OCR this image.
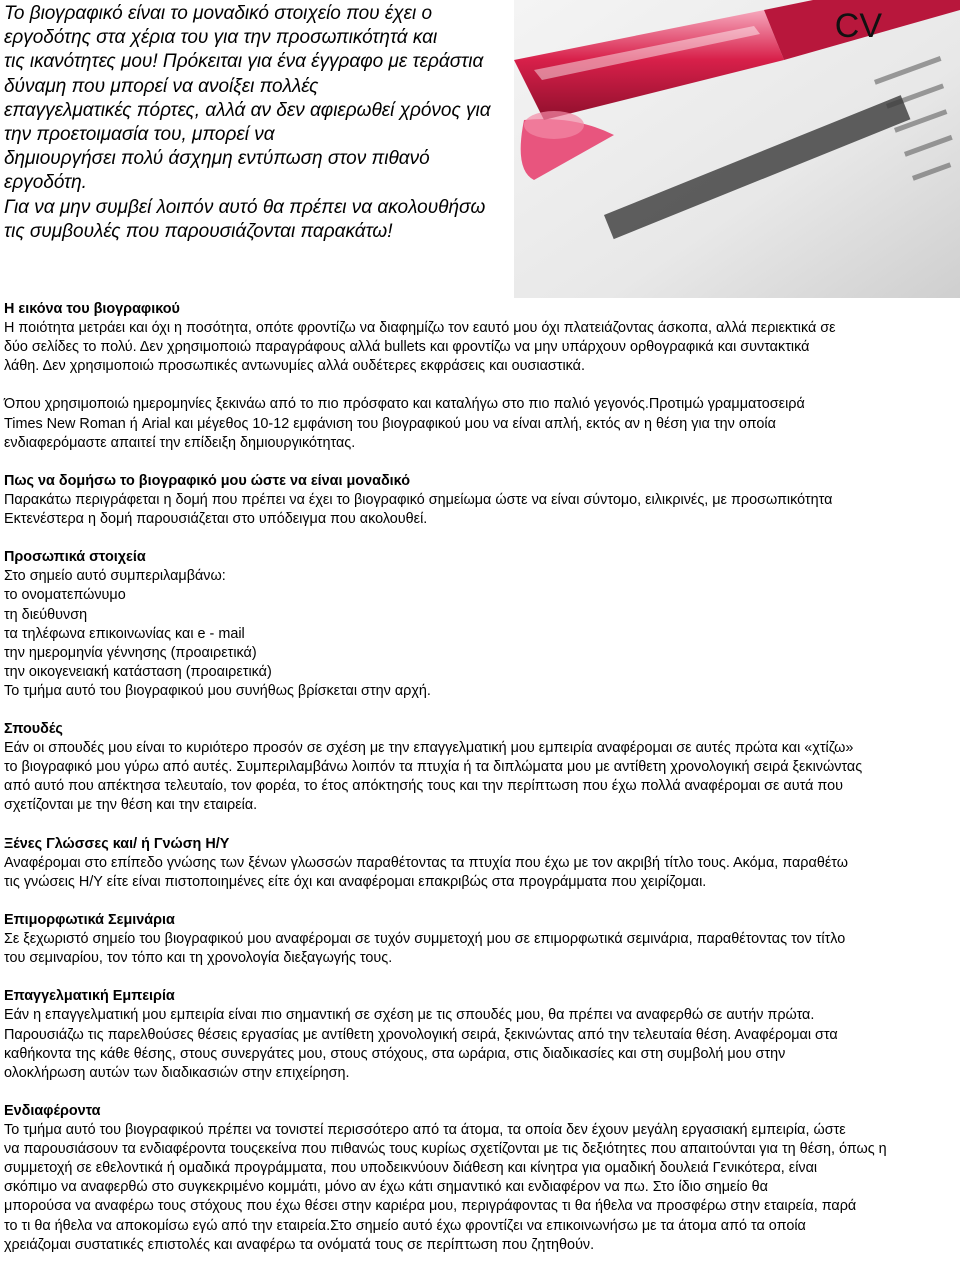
Το βιογραφικό είναι το μοναδικό στοιχείο που έχει ο
εργοδότης στα χέρια του για την προσωπικότητά και
τις ικανότητες μου! Πρόκειται για ένα έγγραφο με τεράστια
δύναμη που μπορεί να ανοίξει πολλές
επαγγελματικές πόρτες, αλλά αν δεν αφιερωθεί χρόνος για
την προετοιμασία του, μπορεί να
δημιουργήσει πολύ άσχημη εντύπωση στον πιθανό
εργοδότη.
Για να μην συμβεί λοιπόν αυτό θα πρέπει να ακολουθήσω
τις συμβουλές που παρουσιάζονται παρακάτω!

CV
Η εικόνα του βιογραφικού
Η ποιότητα μετράει και όχι η ποσότητα, οπότε φροντίζω να διαφημίζω τον εαυτό μου όχι πλατειάζοντας άσκοπα, αλλά περιεκτικά σε
δύο σελίδες το πολύ. Δεν χρησιμοποιώ παραγράφους αλλά bullets και φροντίζω να μην υπάρχουν ορθογραφικά και συντακτικά
λάθη. Δεν χρησιμοποιώ προσωπικές αντωνυμίες αλλά ουδέτερες εκφράσεις και ουσιαστικά.
Όπου χρησιμοποιώ ημερομηνίες ξεκινάω από το πιο πρόσφατο και καταλήγω στο πιο παλιό γεγονός.Προτιμώ γραμματοσειρά
Times New Roman ή Arial και μέγεθος 10-12 εμφάνιση του βιογραφικού μου να είναι απλή, εκτός αν η θέση για την οποία
ενδιαφερόμαστε απαιτεί την επίδειξη δημιουργικότητας.
Πως να δομήσω το βιογραφικό μου ώστε να είναι μοναδικό
Παρακάτω περιγράφεται η δομή που πρέπει να έχει το βιογραφικό σημείωμα ώστε να είναι σύντομο, ειλικρινές, με προσωπικότητα
Εκτενέστερα η δομή παρουσιάζεται στο υπόδειγμα που ακολουθεί.
Προσωπικά στοιχεία
Στο σημείο αυτό συμπεριλαμβάνω:
το ονοματεπώνυμο
τη διεύθυνση
τα τηλέφωνα επικοινωνίας και e - mail
την ημερομηνία γέννησης (προαιρετικά)
την οικογενειακή κατάσταση (προαιρετικά)
Το τμήμα αυτό του βιογραφικού μου συνήθως βρίσκεται στην αρχή.
Σπουδές
Εάν οι σπουδές μου είναι το κυριότερο προσόν σε σχέση με την επαγγελματική μου εμπειρία αναφέρομαι σε αυτές πρώτα και «χτίζω»
το βιογραφικό μου γύρω από αυτές. Συμπεριλαμβάνω λοιπόν τα πτυχία ή τα διπλώματα μου με αντίθετη χρονολογική σειρά ξεκινώντας
από αυτό που απέκτησα τελευταίο, τον φορέα, το έτος απόκτησής τους και την περίπτωση που έχω πολλά αναφέρομαι σε αυτά που
σχετίζονται με την θέση και την εταιρεία.
Ξένες Γλώσσες και/ ή Γνώση Η/Υ
Αναφέρομαι στο επίπεδο γνώσης των ξένων γλωσσών παραθέτοντας τα πτυχία που έχω με τον ακριβή τίτλο τους. Ακόμα, παραθέτω
τις γνώσεις Η/Υ είτε είναι πιστοποιημένες είτε όχι και αναφέρομαι επακριβώς στα προγράμματα που χειρίζομαι.
Επιμορφωτικά Σεμινάρια
Σε ξεχωριστό σημείο του βιογραφικού μου αναφέρομαι σε τυχόν συμμετοχή μου σε επιμορφωτικά σεμινάρια, παραθέτοντας τον τίτλο
του σεμιναρίου, τον τόπο και τη χρονολογία διεξαγωγής τους.
Επαγγελματική Εμπειρία
Εάν η επαγγελματική μου εμπειρία είναι πιο σημαντική σε σχέση με τις σπουδές μου, θα πρέπει να αναφερθώ σε αυτήν πρώτα.
Παρουσιάζω τις παρελθούσες θέσεις εργασίας με αντίθετη χρονολογική σειρά, ξεκινώντας από την τελευταία θέση. Αναφέρομαι στα
καθήκοντα της κάθε θέσης, στους συνεργάτες μου, στους στόχους, στα ωράρια, στις διαδικασίες και στη συμβολή μου στην
ολοκλήρωση αυτών των διαδικασιών στην επιχείρηση.
Ενδιαφέροντα
Το τμήμα αυτό του βιογραφικού πρέπει να τονιστεί περισσότερο από τα άτομα, τα οποία δεν έχουν μεγάλη εργασιακή εμπειρία, ώστε
να παρουσιάσουν τα ενδιαφέροντα τουςεκείνα που πιθανώς τους κυρίως σχετίζονται με τις δεξιότητες που απαιτούνται για τη θέση, όπως η
συμμετοχή σε εθελοντικά ή ομαδικά προγράμματα, που υποδεικνύουν διάθεση και κίνητρα για ομαδική δουλειά Γενικότερα, είναι
σκόπιμο να αναφερθώ στο συγκεκριμένο κομμάτι, μόνο αν έχω κάτι σημαντικό και ενδιαφέρον να πω. Στο ίδιο σημείο θα
μπορούσα να αναφέρω τους στόχους που έχω θέσει στην καριέρα μου, περιγράφοντας τι θα ήθελα να προσφέρω στην εταιρεία, παρά
το τι θα ήθελα να αποκομίσω εγώ από την εταιρεία.Στο σημείο αυτό έχω φροντίζει να επικοινωνήσω με τα άτομα από τα οποία
χρειάζομαι συστατικές επιστολές και αναφέρω τα ονόματά τους σε περίπτωση που ζητηθούν.
